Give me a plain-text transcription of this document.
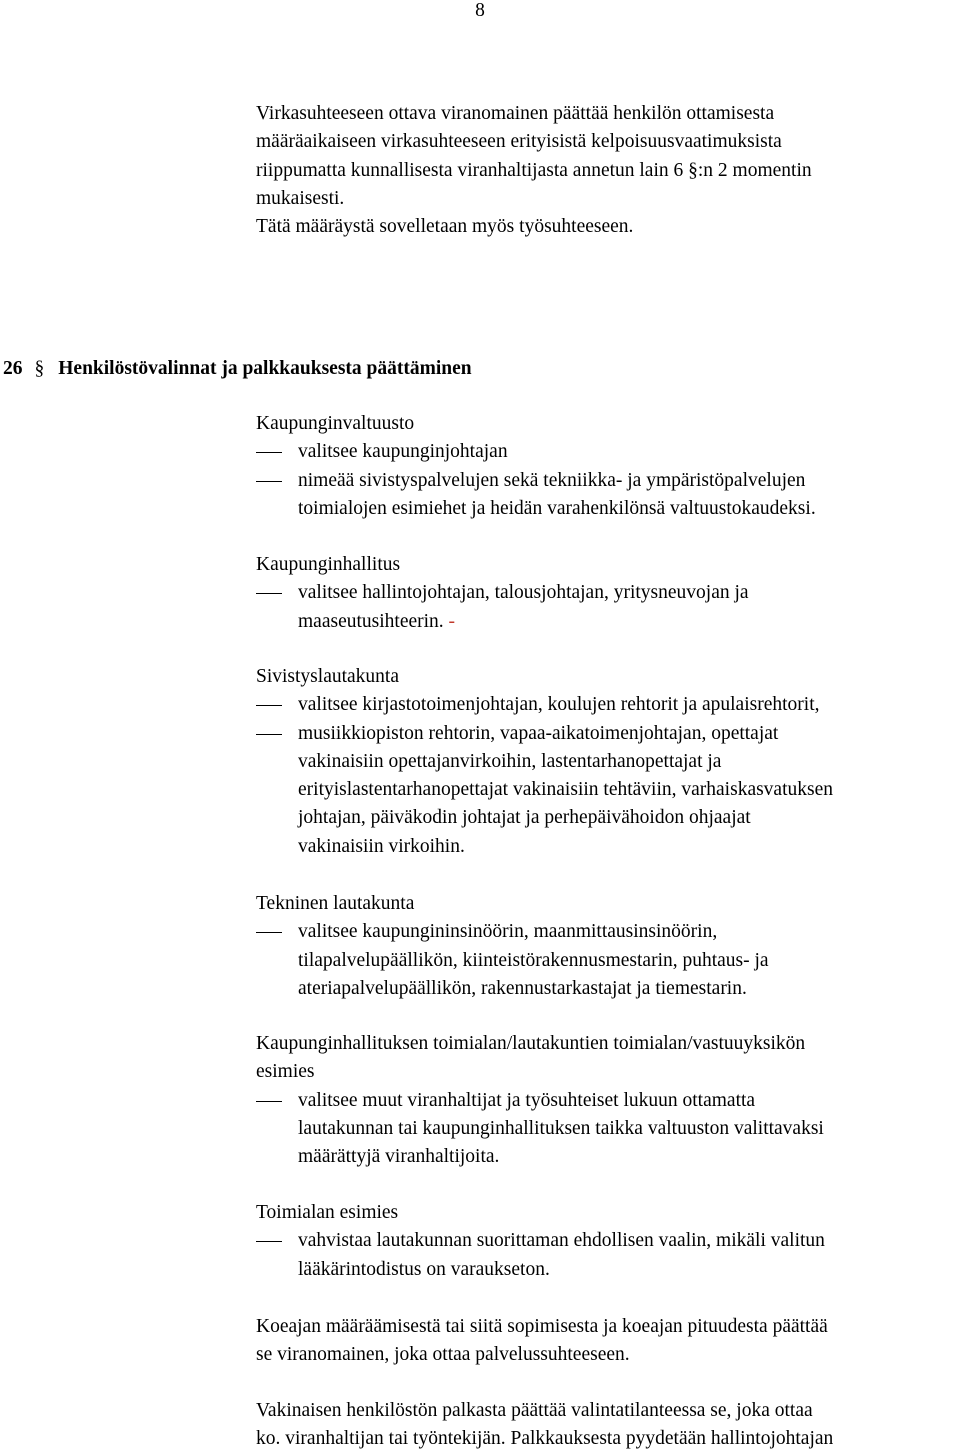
8
Virkasuhteeseen ottava viranomainen päättää henkilön ottamisesta
määräaikaiseen virkasuhteeseen erityisistä kelpoisuusvaatimuksista
riippumatta kunnallisesta viranhaltijasta annetun lain 6 §:n 2 momentin
mukaisesti.
Tätä määräystä sovelletaan myös työsuhteeseen.
26 § Henkilöstövalinnat ja palkkauksesta päättäminen
Kaupunginvaltuusto
valitsee kaupunginjohtajan
nimeää sivistyspalvelujen sekä tekniikka- ja ympäristöpalvelujen
toimialojen esimiehet ja heidän varahenkilönsä valtuustokaudeksi.
Kaupunginhallitus
valitsee hallintojohtajan, talousjohtajan, yritysneuvojan ja
maaseutusihteerin. -
Sivistyslautakunta
valitsee kirjastotoimenjohtajan, koulujen rehtorit ja apulaisrehtorit,
musiikkiopiston rehtorin, vapaa-aikatoimenjohtajan, opettajat
vakinaisiin opettajanvirkoihin, lastentarhanopettajat ja
erityislastentarhanopettajat vakinaisiin tehtäviin, varhaiskasvatuksen
johtajan, päiväkodin johtajat ja perhepäivähoidon ohjaajat
vakinaisiin virkoihin.
Tekninen lautakunta
valitsee kaupungininsinöörin, maanmittausinsinöörin,
tilapalvelupäällikön, kiinteistörakennusmestarin, puhtaus- ja
ateriapalvelupäällikön, rakennustarkastajat ja tiemestarin.
Kaupunginhallituksen toimialan/lautakuntien toimialan/vastuuyksikön
esimies
valitsee muut viranhaltijat ja työsuhteiset lukuun ottamatta
lautakunnan tai kaupunginhallituksen taikka valtuuston valittavaksi
määrättyjä viranhaltijoita.
Toimialan esimies
vahvistaa lautakunnan suorittaman ehdollisen vaalin, mikäli valitun
lääkärintodistus on varaukseton.
Koeajan määräämisestä tai siitä sopimisesta ja koeajan pituudesta päättää
se viranomainen, joka ottaa palvelussuhteeseen.
Vakinaisen henkilöstön palkasta päättää valintatilanteessa se, joka ottaa
ko. viranhaltijan tai työntekijän. Palkkauksesta pyydetään hallintojohtajan
